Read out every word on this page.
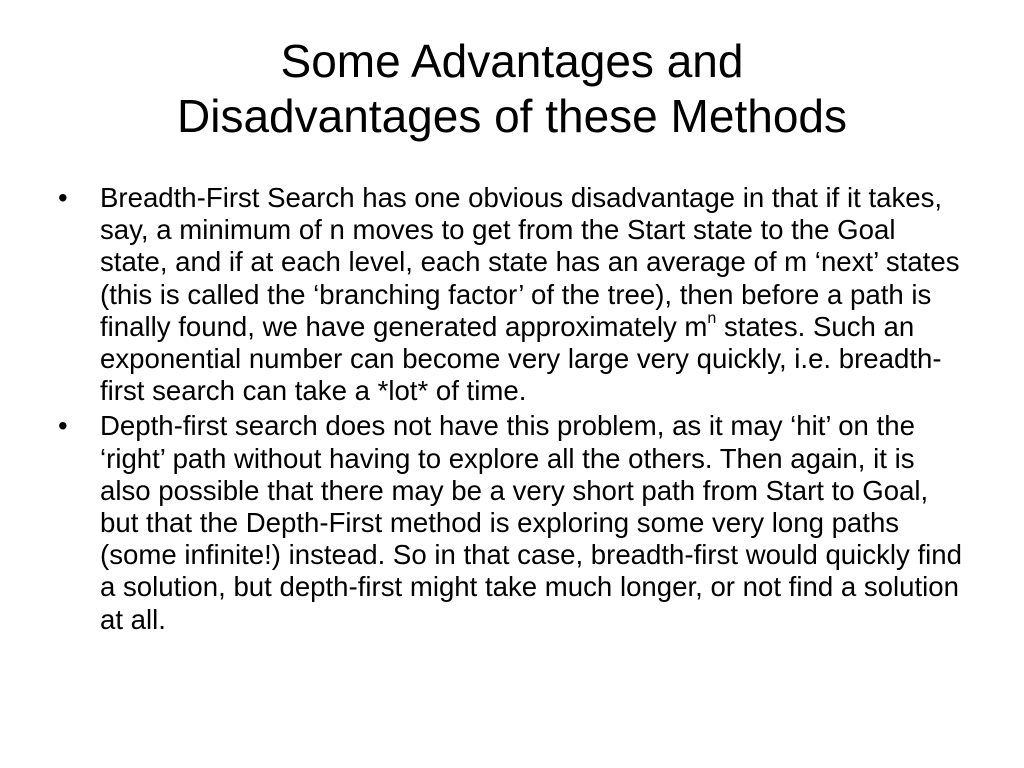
Some Advantages and
Disadvantages of these Methods
•	Breadth-First Search has one obvious disadvantage in that if it takes, say, a minimum of n moves to get from the Start state to the Goal state, and if at each level, each state has an average of m ‘next’ states (this is called the ‘branching factor’ of the tree), then before a path is finally found, we have generated approximately $m^n$ states. Such an exponential number can become very large very quickly, i.e. breadth-first search can take a *lot* of time.

•	Depth-first search does not have this problem, as it may ‘hit’ on the ‘right’ path without having to explore all the others. Then again, it is also possible that there may be a very short path from Start to Goal, but that the Depth-First method is exploring some very long paths (some infinite!) instead. So in that case, breadth-first would quickly find a solution, but depth-first might take much longer, or not find a solution at all.
